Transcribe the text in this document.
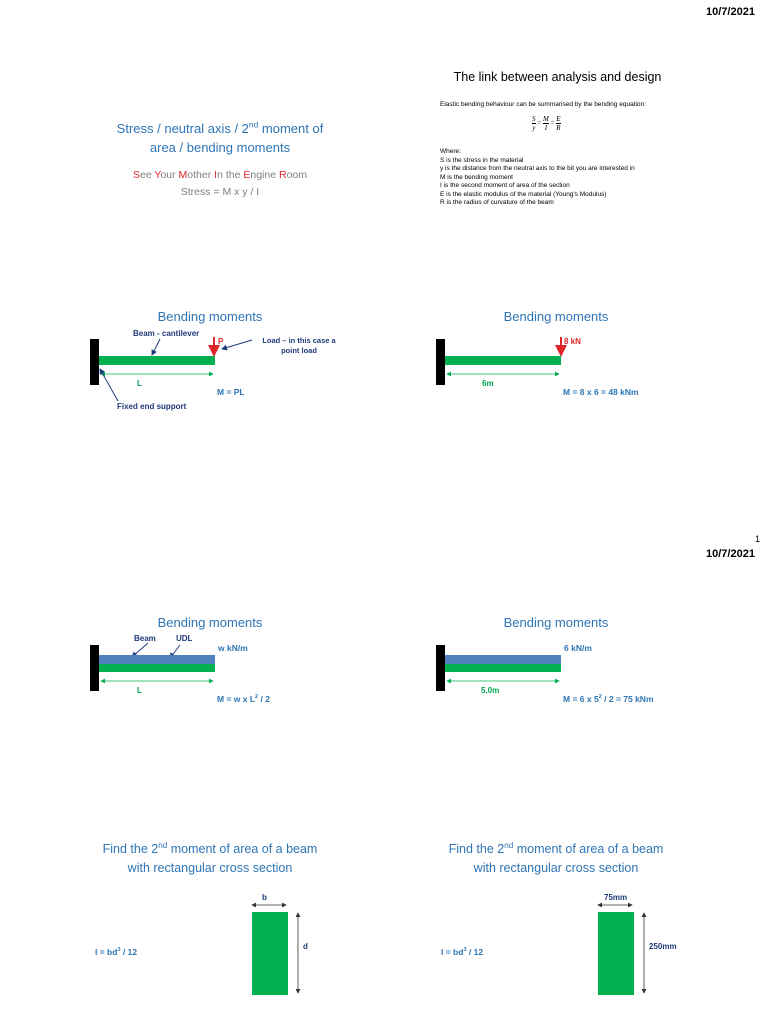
10/7/2021
Stress / neutral axis / 2nd moment of
area / bending moments
See Your Mother In the Engine Room
Stress = M x y / I
The link between analysis and design
Elastic bending behaviour can be summarised by the bending equation:
$\frac{S}{y} = \frac{M}{I} = \frac{E}{R}$
Where:
S is the stress in the material
y is the distance from the neutral axis to the bit you are interested in
M is the bending moment
I is the second moment of area of the section
E is the elastic modulus of the material (Young's Modulus)
R is the radius of curvature of the beam
Bending moments
Beam - cantilever
P	Load – in this case a
point load
L
M = PL
Fixed end support
Bending moments
8 kN
6m
M = 8 x 6 = 48 kNm
1
10/7/2021
Bending moments
Beam	UDL
w kN/m
L
M = w x $L^2 / 2$
Bending moments
6 kN/m
5.0m
M = 6 x $5^2 / 2 = 75$ kNm
Find the 2nd moment of area of a beam
with rectangular cross section
$I = bd^3 / 12$
b
d
Find the 2nd moment of area of a beam
with rectangular cross section
$I = bd^3 / 12$
75mm
250mm
